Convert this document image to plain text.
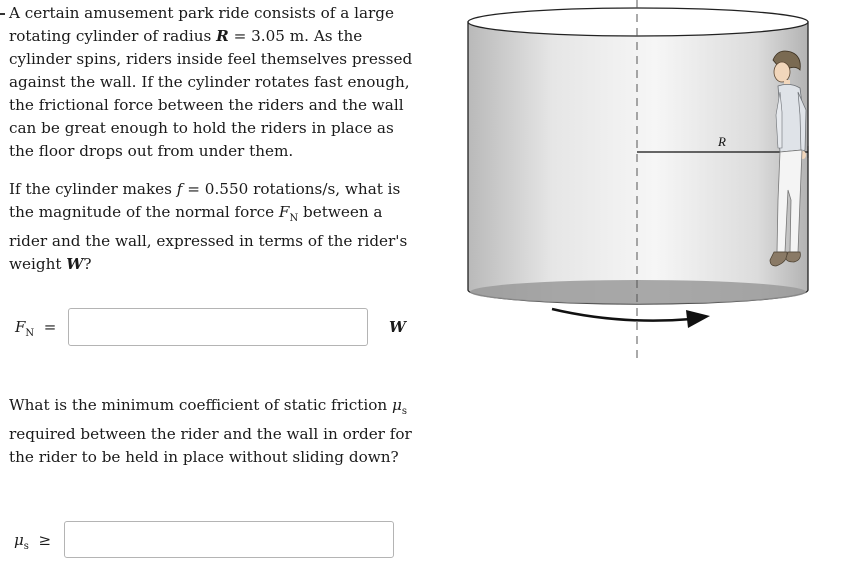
A certain amusement park ride consists of a large rotating cylinder of radius R = 3.05 m. As the cylinder spins, riders inside feel themselves pressed against the wall. If the cylinder rotates fast enough, the frictional force between the riders and the wall can be great enough to hold the riders in place as the floor drops out from under them.

If the cylinder makes f = 0.550 rotations/s, what is the magnitude of the normal force $F_N$ between a rider and the wall, expressed in terms of the rider's weight W?

$F_N$ =	W

What is the minimum coefficient of static friction $\mu_s$ required between the rider and the wall in order for the rider to be held in place without sliding down?

$\mu_s$ ≥
R
